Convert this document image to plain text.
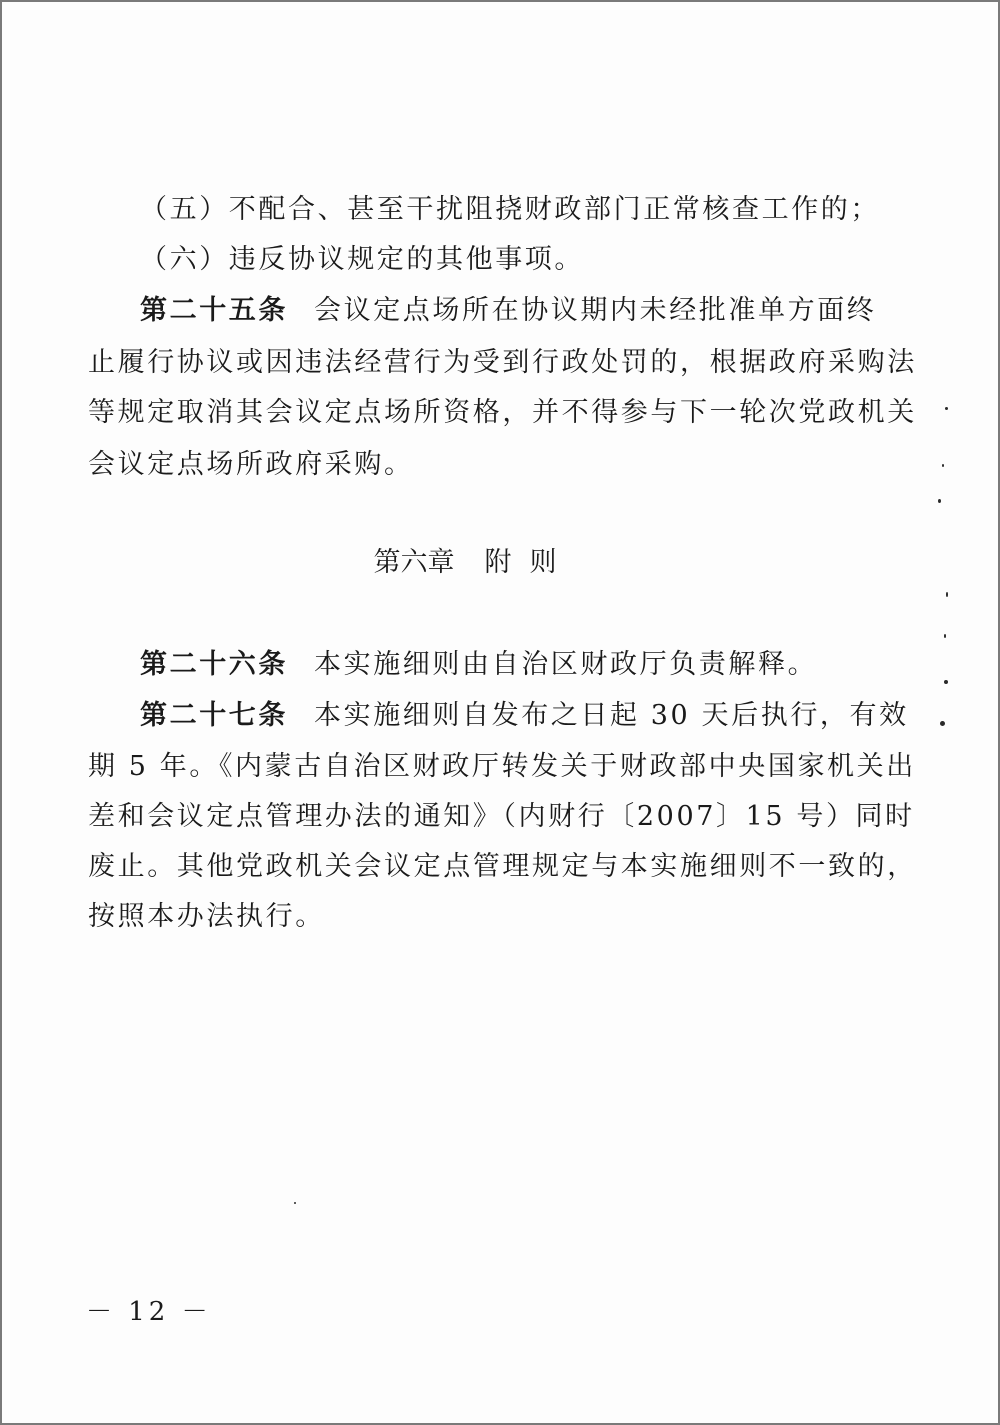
（五）不配合、甚至干扰阻挠财政部门正常核查工作的；
（六）违反协议规定的其他事项。
第二十五条 会议定点场所在协议期内未经批准单方面终
止履行协议或因违法经营行为受到行政处罚的，根据政府采购法
等规定取消其会议定点场所资格，并不得参与下一轮次党政机关
会议定点场所政府采购。
第六章 附 则
第二十六条 本实施细则由自治区财政厅负责解释。
第二十七条 本实施细则自发布之日起 30 天后执行，有效
期 5 年。《内蒙古自治区财政厅转发关于财政部中央国家机关出
差和会议定点管理办法的通知》（内财行〔2007〕15 号）同时
废止。其他党政机关会议定点管理规定与本实施细则不一致的，
按照本办法执行。
－ 12 －
